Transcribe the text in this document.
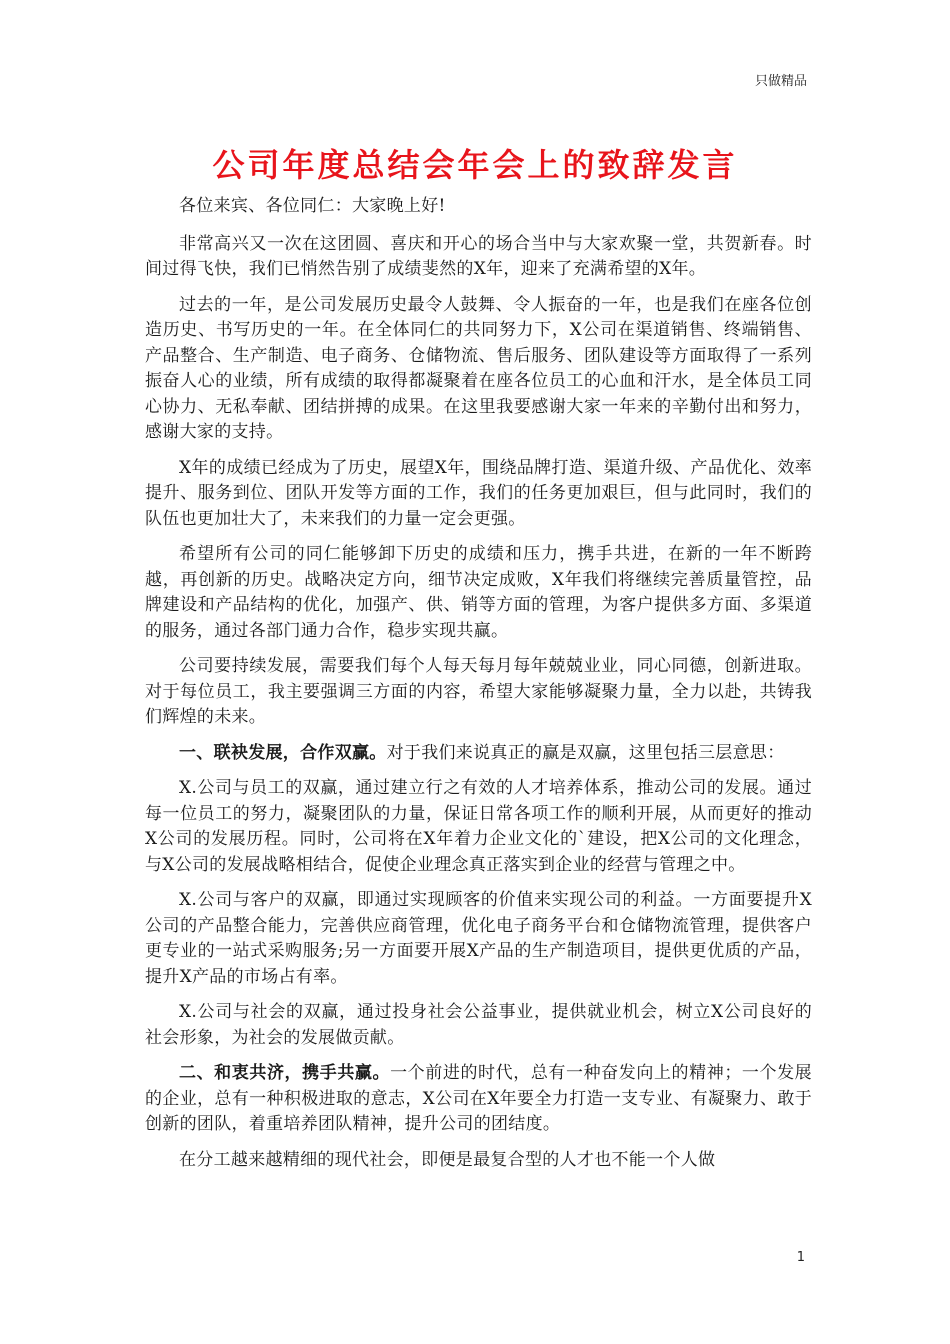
只做精品
公司年度总结会年会上的致辞发言

各位来宾、各位同仁：大家晚上好!

非常高兴又一次在这团圆、喜庆和开心的场合当中与大家欢聚一堂，共贺新春。时间过得飞快，我们已悄然告别了成绩斐然的X年，迎来了充满希望的X年。

过去的一年，是公司发展历史最令人鼓舞、令人振奋的一年，也是我们在座各位创造历史、书写历史的一年。在全体同仁的共同努力下，X公司在渠道销售、终端销售、产品整合、生产制造、电子商务、仓储物流、售后服务、团队建设等方面取得了一系列振奋人心的业绩，所有成绩的取得都凝聚着在座各位员工的心血和汗水，是全体员工同心协力、无私奉献、团结拼搏的成果。在这里我要感谢大家一年来的辛勤付出和努力，感谢大家的支持。

X年的成绩已经成为了历史，展望X年，围绕品牌打造、渠道升级、产品优化、效率提升、服务到位、团队开发等方面的工作，我们的任务更加艰巨，但与此同时，我们的队伍也更加壮大了，未来我们的力量一定会更强。

希望所有公司的同仁能够卸下历史的成绩和压力，携手共进，在新的一年不断跨越，再创新的历史。战略决定方向，细节决定成败，X年我们将继续完善质量管控，品牌建设和产品结构的优化，加强产、供、销等方面的管理，为客户提供多方面、多渠道的服务，通过各部门通力合作，稳步实现共赢。

公司要持续发展，需要我们每个人每天每月每年兢兢业业，同心同德，创新进取。对于每位员工，我主要强调三方面的内容，希望大家能够凝聚力量，全力以赴，共铸我们辉煌的未来。

一、联袂发展，合作双赢。对于我们来说真正的赢是双赢，这里包括三层意思：

X.公司与员工的双赢，通过建立行之有效的人才培养体系，推动公司的发展。通过每一位员工的努力，凝聚团队的力量，保证日常各项工作的顺利开展，从而更好的推动X公司的发展历程。同时，公司将在X年着力企业文化的`建设，把X公司的文化理念，与X公司的发展战略相结合，促使企业理念真正落实到企业的经营与管理之中。

X.公司与客户的双赢，即通过实现顾客的价值来实现公司的利益。一方面要提升X公司的产品整合能力，完善供应商管理，优化电子商务平台和仓储物流管理，提供客户更专业的一站式采购服务;另一方面要开展X产品的生产制造项目，提供更优质的产品，提升X产品的市场占有率。

X.公司与社会的双赢，通过投身社会公益事业，提供就业机会，树立X公司良好的社会形象，为社会的发展做贡献。

二、和衷共济，携手共赢。一个前进的时代，总有一种奋发向上的精神；一个发展的企业，总有一种积极进取的意志，X公司在X年要全力打造一支专业、有凝聚力、敢于创新的团队，着重培养团队精神，提升公司的团结度。

在分工越来越精细的现代社会，即便是最复合型的人才也不能一个人做

1
